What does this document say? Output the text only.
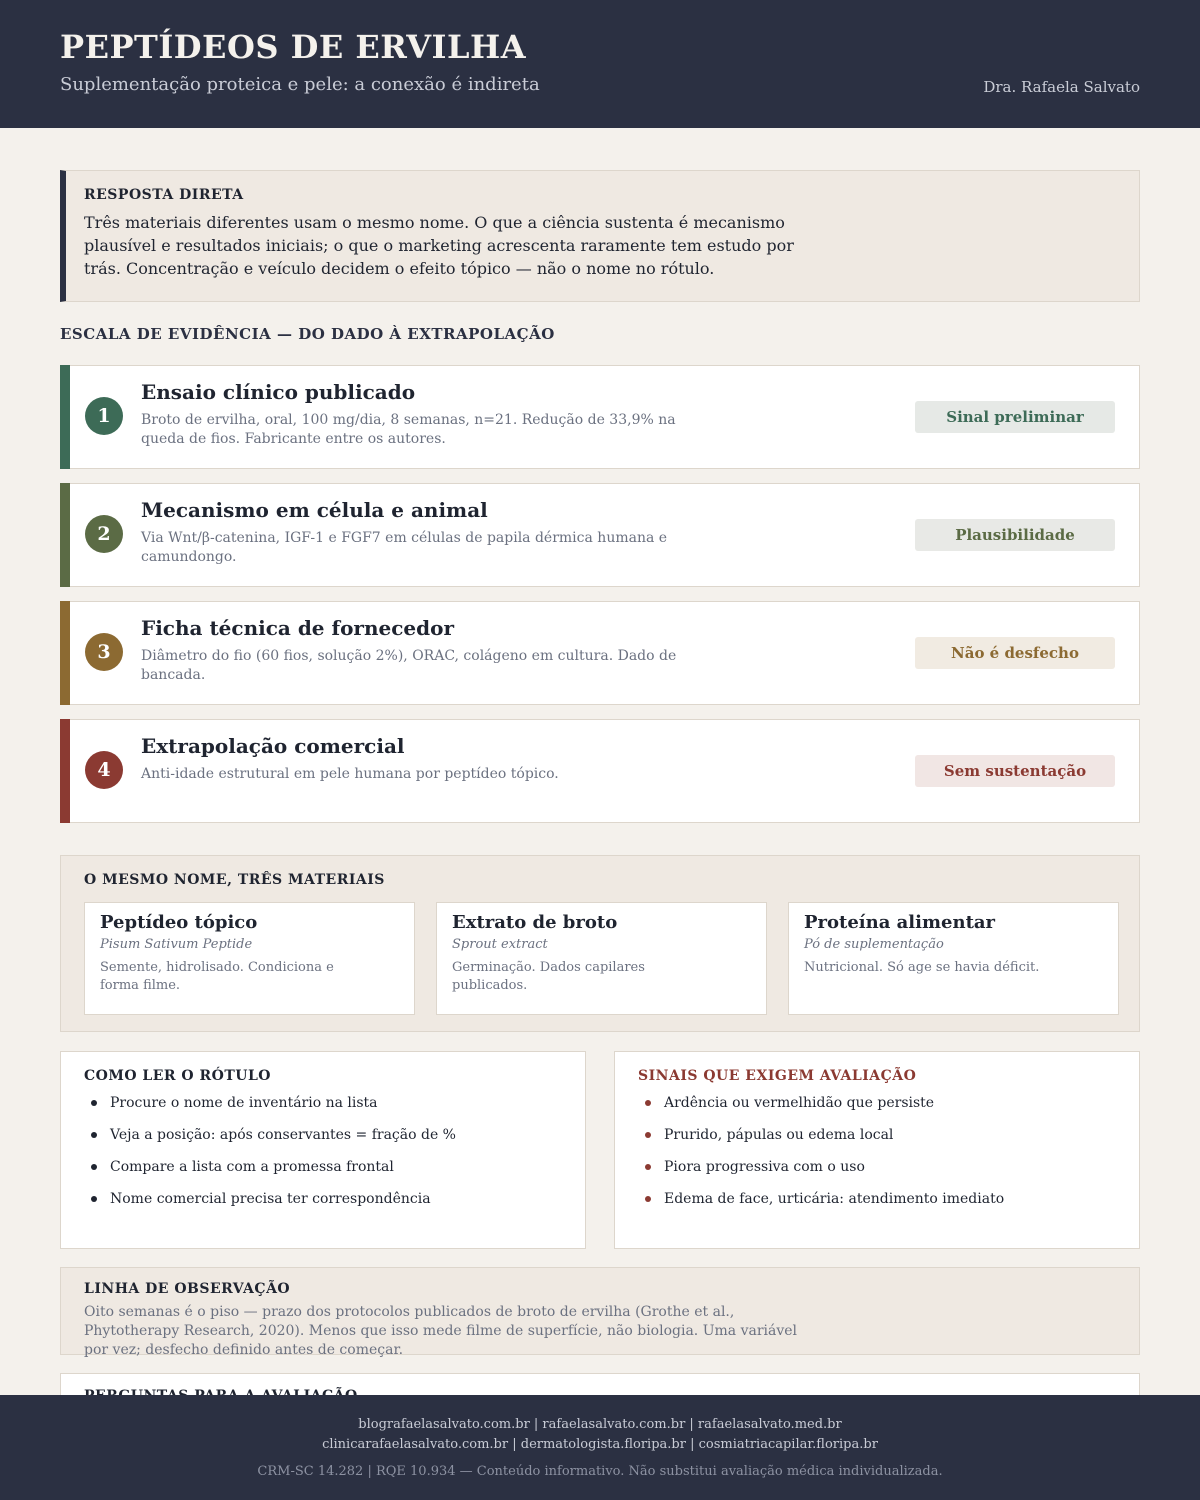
PEPTÍDEOS DE ERVILHA
Suplementação proteica e pele: a conexão é indireta	Dra. Rafaela Salvato
RESPOSTA DIRETA

Três materiais diferentes usam o mesmo nome. O que a ciência sustenta é mecanismo plausível e resultados iniciais; o que o marketing acrescenta raramente tem estudo por trás. Concentração e veículo decidem o efeito tópico — não o nome no rótulo.

ESCALA DE EVIDÊNCIA — DO DADO À EXTRAPOLAÇÃO
1
Ensaio clínico publicado
Broto de ervilha, oral, 100 mg/dia, 8 semanas, n=21. Redução de 33,9% na queda de fios. Fabricante entre os autores.
Sinal preliminar
2
Mecanismo em célula e animal
Via Wnt/β-catenina, IGF-1 e FGF7 em células de papila dérmica humana e camundongo.
Plausibilidade
3
Ficha técnica de fornecedor
Diâmetro do fio (60 fios, solução 2%), ORAC, colágeno em cultura. Dado de bancada.
Não é desfecho
4
Extrapolação comercial
Anti-idade estrutural em pele humana por peptídeo tópico.	Sem sustentação
O MESMO NOME, TRÊS MATERIAIS
Peptídeo tópico
Pisum Sativum Peptide
Semente, hidrolisado. Condiciona e forma filme.
Extrato de broto
Sprout extract
Germinação. Dados capilares publicados.
Proteína alimentar
Pó de suplementação
Nutricional. Só age se havia déficit.
COMO LER O RÓTULO
Procure o nome de inventário na lista
Veja a posição: após conservantes = fração de %
Compare a lista com a promessa frontal
Nome comercial precisa ter correspondência
SINAIS QUE EXIGEM AVALIAÇÃO
Ardência ou vermelhidão que persiste
Prurido, pápulas ou edema local
Piora progressiva com o uso
Edema de face, urticária: atendimento imediato
LINHA DE OBSERVAÇÃO

Oito semanas é o piso — prazo dos protocolos publicados de broto de ervilha (Grothe et al., Phytotherapy Research, 2020). Menos que isso mede filme de superfície, não biologia. Uma variável por vez; desfecho definido antes de começar.

blografaelasalvato.com.br | rafaelasalvato.com.br | rafaelasalvato.med.br
clinicarafaelasalvato.com.br | dermatologista.floripa.br | cosmiatriacapilar.floripa.br
CRM-SC 14.282 | RQE 10.934 — Conteúdo informativo. Não substitui avaliação médica individualizada.
